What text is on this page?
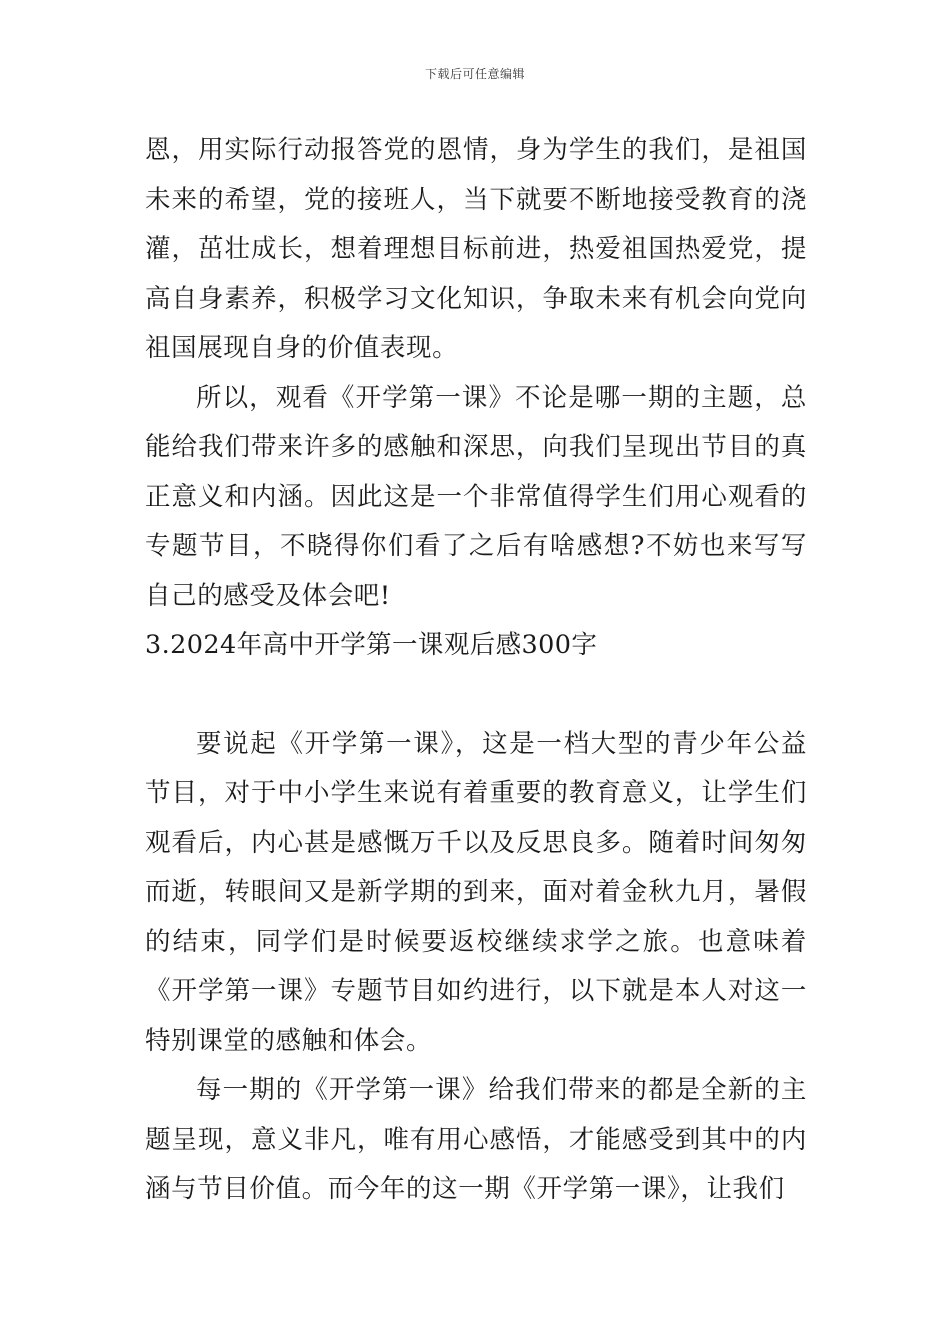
下载后可任意编辑

恩，用实际行动报答党的恩情，身为学生的我们，是祖国未来的希望，党的接班人，当下就要不断地接受教育的浇灌，茁壮成长，想着理想目标前进，热爱祖国热爱党，提高自身素养，积极学习文化知识，争取未来有机会向党向祖国展现自身的价值表现。

所以，观看《开学第一课》不论是哪一期的主题，总能给我们带来许多的感触和深思，向我们呈现出节目的真正意义和内涵。因此这是一个非常值得学生们用心观看的专题节目，不晓得你们看了之后有啥感想?不妨也来写写自己的感受及体会吧!

3.2024年高中开学第一课观后感300字

要说起《开学第一课》，这是一档大型的青少年公益节目，对于中小学生来说有着重要的教育意义，让学生们观看后，内心甚是感慨万千以及反思良多。随着时间匆匆而逝，转眼间又是新学期的到来，面对着金秋九月，暑假的结束，同学们是时候要返校继续求学之旅。也意味着《开学第一课》专题节目如约进行，以下就是本人对这一特别课堂的感触和体会。

每一期的《开学第一课》给我们带来的都是全新的主题呈现，意义非凡，唯有用心感悟，才能感受到其中的内涵与节目价值。而今年的这一期《开学第一课》，让我们
